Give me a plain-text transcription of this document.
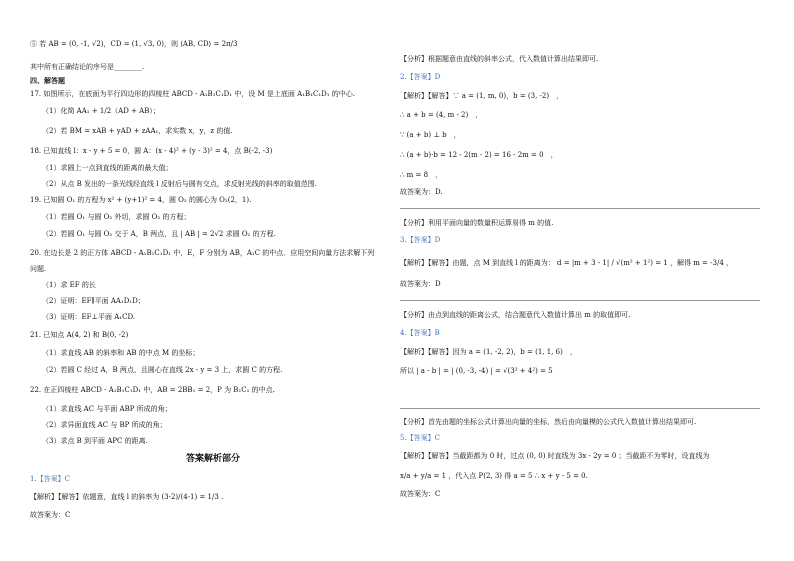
⑤ 若 AB = (0, -1, √2)，CD = (1, √3, 0)，则 ⟨AB, CD⟩ = 2π/3
其中所有正确结论的序号是________.
四、解答题
17. 如图所示，在底面为平行四边形的四棱柱 ABCD - A₁B₁C₁D₁ 中，设 M 是上底面 A₁B₁C₁D₁ 的中心.
（1）化简 AA₁ + 1/2（AD + AB）；
（2）若 BM = xAB + yAD + zAA₁，求实数 x，y，z 的值.
18. 已知直线 l：x - y + 5 = 0，圆 A：(x - 4)² + (y - 3)² = 4，点 B(-2, -3)
（1）求圆上一点到直线的距离的最大值；
（2）从点 B 发出的一条光线经直线 l 反射后与圆有交点，求反射光线的斜率的取值范围.
19. 已知圆 O₁ 的方程为 x² + (y+1)² = 4，圆 O₂ 的圆心为 O₂(2，1).
（1）若圆 O₁ 与圆 O₂ 外切，求圆 O₂ 的方程；
（2）若圆 O₁ 与圆 O₂ 交于 A，B 两点，且 | AB | = 2√2 求圆 O₂ 的方程.
20. 在边长是 2 的正方体 ABCD - A₁B₁C₁D₁ 中，E，F 分别为 AB，A₁C 的中点．应用空间向量方法求解下列
问题.
（1）求 EF 的长
（2）证明：EF∥平面 AA₁D₁D；
（3）证明：EF⊥平面 A₁CD.
21. 已知点 A(4, 2) 和 B(0, -2)
（1）求直线 AB 的斜率和 AB 的中点 M 的坐标；
（2）若圆 C 经过 A，B 两点，且圆心在直线 2x - y = 3 上，求圆 C 的方程.
22. 在正四棱柱 ABCD - A₁B₁C₁D₁ 中，AB = 2BB₁ = 2，P 为 B₁C₁ 的中点.
（1）求直线 AC 与平面 ABP 所成的角；
（2）求异面直线 AC 与 BP 所成的角；
（3）求点 B 到平面 APC 的距离.
答案解析部分
1.【答案】C
【解析】【解答】依题意，直线 l 的斜率为 (3-2)/(4-1) = 1/3 .
故答案为：C
【分析】根据题意由直线的斜率公式，代入数值计算出结果即可.
2.【答案】D
【解析】【解答】∵ a = (1, m, 0)，b = (3, -2)　，
∴ a + b = (4, m - 2)　，
∵ (a + b) ⊥ b　，
∴ (a + b)·b = 12 - 2(m - 2) = 16 - 2m = 0　，
∴ m = 8　，
故答案为：D.
【分析】利用平面向量的数量积运算易得 m 的值.
3.【答案】D
【解析】【解答】由题，点 M 到直线 l 的距离为： d = |m + 3 - 1| / √(m² + 1²) = 1 ，解得 m = -3/4 ，
故答案为：D
【分析】由点到直线的距离公式，结合题意代入数值计算出 m 的取值即可.
4.【答案】B
【解析】【解答】因为 a = (1, -2, 2)，b = (1, 1, 6)　，
所以 | a - b | = | (0, -3, -4) | = √(3² + 4²) = 5
【分析】首先由题的坐标公式计算出向量的坐标，然后由向量模的公式代入数值计算出结果即可.
5.【答案】C
【解析】【解答】当截距都为 0 时，过点 (0, 0) 时直线为 3x - 2y = 0 ；当截距不为零时，设直线为
x/a + y/a = 1 ，代入点 P(2, 3) 得 a = 5 ∴ x + y - 5 = 0.
故答案为：C
